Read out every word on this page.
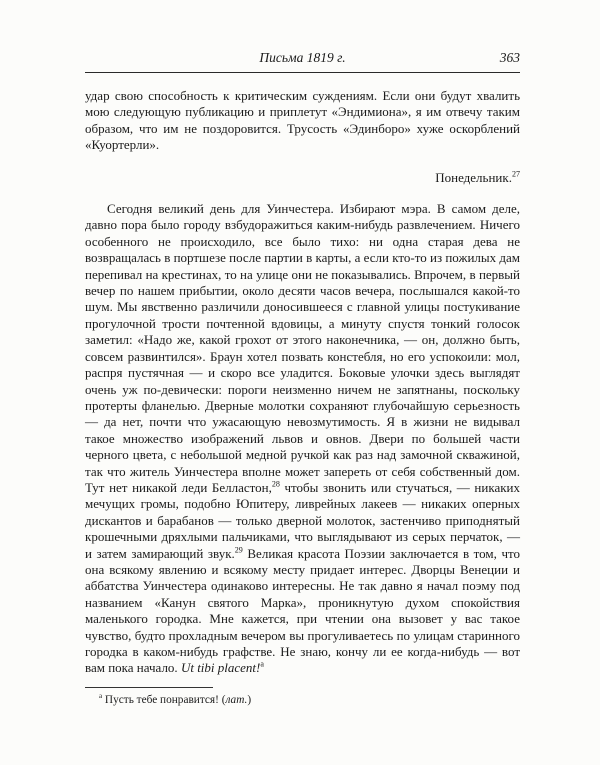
Письма 1819 г.	363

удар свою способность к критическим суждениям. Если они будут хвалить мою следующую публикацию и приплетут «Эндимиона», я им отвечу таким образом, что им не поздоровится. Трусость «Эдинборо» хуже оскорблений «Куортерли».

Понедельник.$^{27}$

Сегодня великий день для Уинчестера. Избирают мэра. В самом деле, давно пора было городу взбудоражиться каким-нибудь развлечением. Ничего особенного не происходило, все было тихо: ни одна старая дева не возвращалась в портшезе после партии в карты, а если кто-то из пожилых дам перепивал на крестинах, то на улице они не показывались. Впрочем, в первый вечер по нашем прибытии, около десяти часов вечера, послышался какой-то шум. Мы явственно различили доносившееся с главной улицы постукивание прогулочной трости почтенной вдовицы, а минуту спустя тонкий голосок заметил: «Надо же, какой грохот от этого наконечника, — он, должно быть, совсем развинтился». Браун хотел позвать констебля, но его успокоили: мол, распря пустячная — и скоро все уладится. Боковые улочки здесь выглядят очень уж по-девически: пороги неизменно ничем не запятнаны, поскольку протерты фланелью. Дверные молотки сохраняют глубочайшую серьезность — да нет, почти что ужасающую невозмутимость. Я в жизни не видывал такое множество изображений львов и овнов. Двери по большей части черного цвета, с небольшой медной ручкой как раз над замочной скважиной, так что житель Уинчестера вполне может запереть от себя собственный дом. Тут нет никакой леди Белластон,$^{28}$ чтобы звонить или стучаться, — никаких мечущих громы, подобно Юпитеру, ливрейных лакеев — никаких оперных дискантов и барабанов — только дверной молоток, застенчиво приподнятый крошечными дряхлыми пальчиками, что выглядывают из серых перчаток, — и затем замирающий звук.$^{29}$ Великая красота Поэзии заключается в том, что она всякому явлению и всякому месту придает интерес. Дворцы Венеции и аббатства Уинчестера одинаково интересны. Не так давно я начал поэму под названием «Канун святого Марка», проникнутую духом спокойствия маленького городка. Мне кажется, при чтении она вызовет у вас такое чувство, будто прохладным вечером вы прогуливаетесь по улицам старинного городка в каком-нибудь графстве. Не знаю, кончу ли ее когда-нибудь — вот вам пока начало. Ut tibi placent!$^а$

$^а$ Пусть тебе понравится! (лат.)
